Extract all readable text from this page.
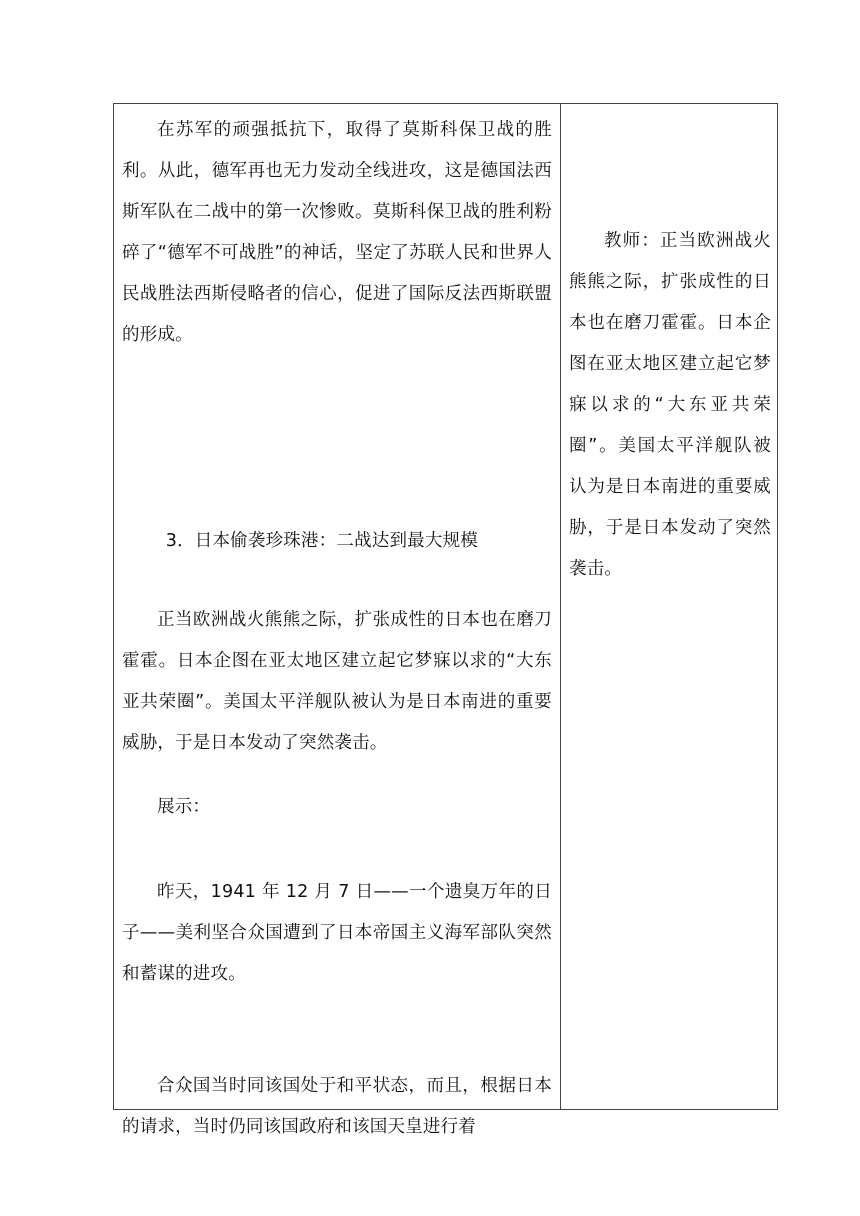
在苏军的顽强抵抗下，取得了莫斯科保卫战的胜利。从此，德军再也无力发动全线进攻，这是德国法西斯军队在二战中的第一次惨败。莫斯科保卫战的胜利粉碎了“德军不可战胜”的神话，坚定了苏联人民和世界人民战胜法西斯侵略者的信心，促进了国际反法西斯联盟的形成。

3．日本偷袭珍珠港：二战达到最大规模

正当欧洲战火熊熊之际，扩张成性的日本也在磨刀霍霍。日本企图在亚太地区建立起它梦寐以求的“大东亚共荣圈”。美国太平洋舰队被认为是日本南进的重要威胁，于是日本发动了突然袭击。

展示：

昨天，1941 年 12 月 7 日——一个遗臭万年的日子——美利坚合众国遭到了日本帝国主义海军部队突然和蓄谋的进攻。

合众国当时同该国处于和平状态，而且，根据日本的请求，当时仍同该国政府和该国天皇进行着

教师：正当欧洲战火熊熊之际，扩张成性的日本也在磨刀霍霍。日本企图在亚太地区建立起它梦寐以求的“大东亚共荣圈”。美国太平洋舰队被认为是日本南进的重要威胁，于是日本发动了突然袭击。
